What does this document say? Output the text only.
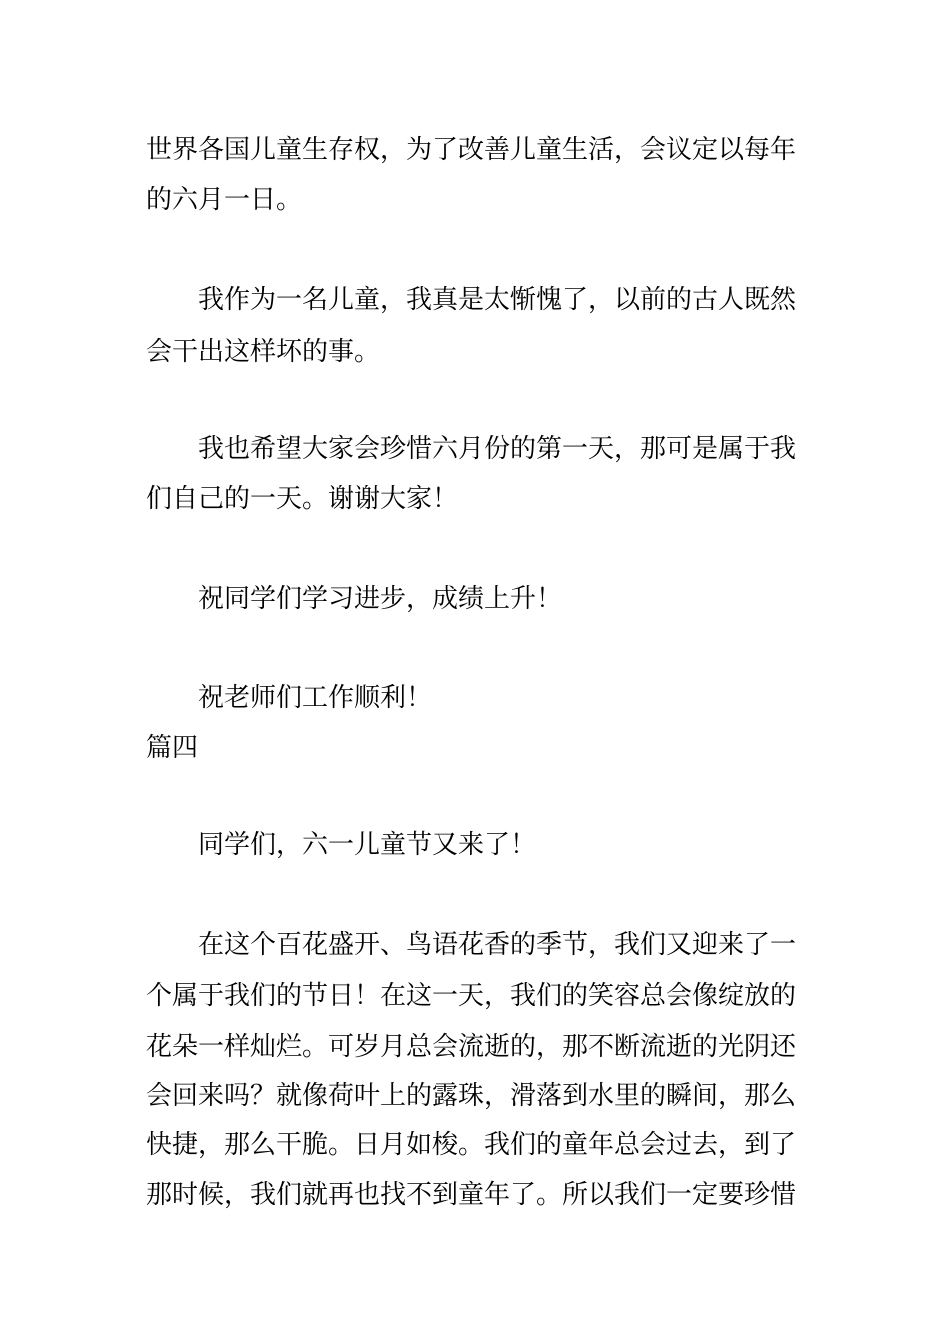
世界各国儿童生存权，为了改善儿童生活，会议定以每年
的六月一日。
我作为一名儿童，我真是太惭愧了，以前的古人既然
会干出这样坏的事。
我也希望大家会珍惜六月份的第一天，那可是属于我
们自己的一天。谢谢大家！
祝同学们学习进步，成绩上升！
祝老师们工作顺利！
篇四
同学们，六一儿童节又来了！
在这个百花盛开、鸟语花香的季节，我们又迎来了一
个属于我们的节日！在这一天，我们的笑容总会像绽放的
花朵一样灿烂。可岁月总会流逝的，那不断流逝的光阴还
会回来吗？就像荷叶上的露珠，滑落到水里的瞬间，那么
快捷，那么干脆。日月如梭。我们的童年总会过去，到了
那时候，我们就再也找不到童年了。所以我们一定要珍惜
